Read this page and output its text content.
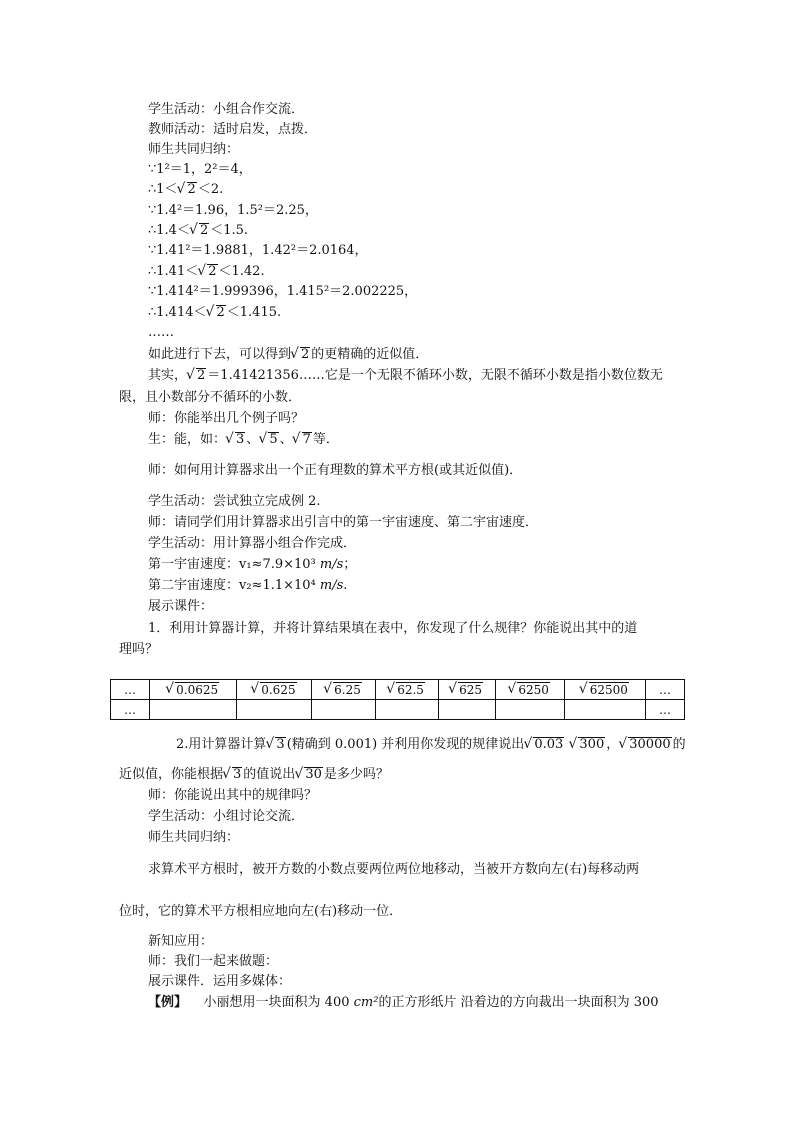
学生活动：小组合作交流．
教师活动：适时启发，点拨．
师生共同归纳：
∵1²＝1，2²＝4，
∴1＜ √ 2 ＜2.
∵1.4²＝1.96，1.5²＝2.25，
∴1.4＜ √ 2 ＜1.5.
∵1.41²＝1.9881，1.42²＝2.0164，
∴1.41＜ √ 2 ＜1.42.
∵1.414²＝1.999396，1.415²＝2.002225，
∴1.414＜ √ 2 ＜1.415.
……
如此进行下去，可以得到 √ 2 的更精确的近似值．
其实， √ 2 ＝1.41421356……它是一个无限不循环小数，无限不循环小数是指小数位数无
限，且小数部分不循环的小数．
师：你能举出几个例子吗？
生：能，如： √ 3 、 √ 5 、 √ 7 等．
师：如何用计算器求出一个正有理数的算术平方根(或其近似值)．
学生活动：尝试独立完成例 2.
师：请同学们用计算器求出引言中的第一宇宙速度、第二宇宙速度．
学生活动：用计算器小组合作完成．
第一宇宙速度：v₁≈7.9×10³ m/s；
第二宇宙速度：v₂≈1.1×10⁴ m/s.
展示课件：
1．利用计算器计算，并将计算结果填在表中，你发现了什么规律？你能说出其中的道
理吗？
…	√ 0.0625	√ 0.625	√ 6.25	√ 62.5	√ 625	√ 6250	√ 62500	…
…								…
2.用计算器计算 √ 3 (精确到 0.001) 并利用你发现的规律说出 √ 0.03 √ 300 ， √ 30000 的
近似值，你能根据 √ 3 的值说出 √ 30 是多少吗？
师：你能说出其中的规律吗？
学生活动：小组讨论交流．
师生共同归纳：
求算术平方根时，被开方数的小数点要两位两位地移动，当被开方数向左(右)每移动两
位时，它的算术平方根相应地向左(右)移动一位．
新知应用：
师：我们一起来做题：
展示课件．运用多媒体：
【例】 小丽想用一块面积为 400 cm²的正方形纸片 沿着边的方向裁出一块面积为 300
